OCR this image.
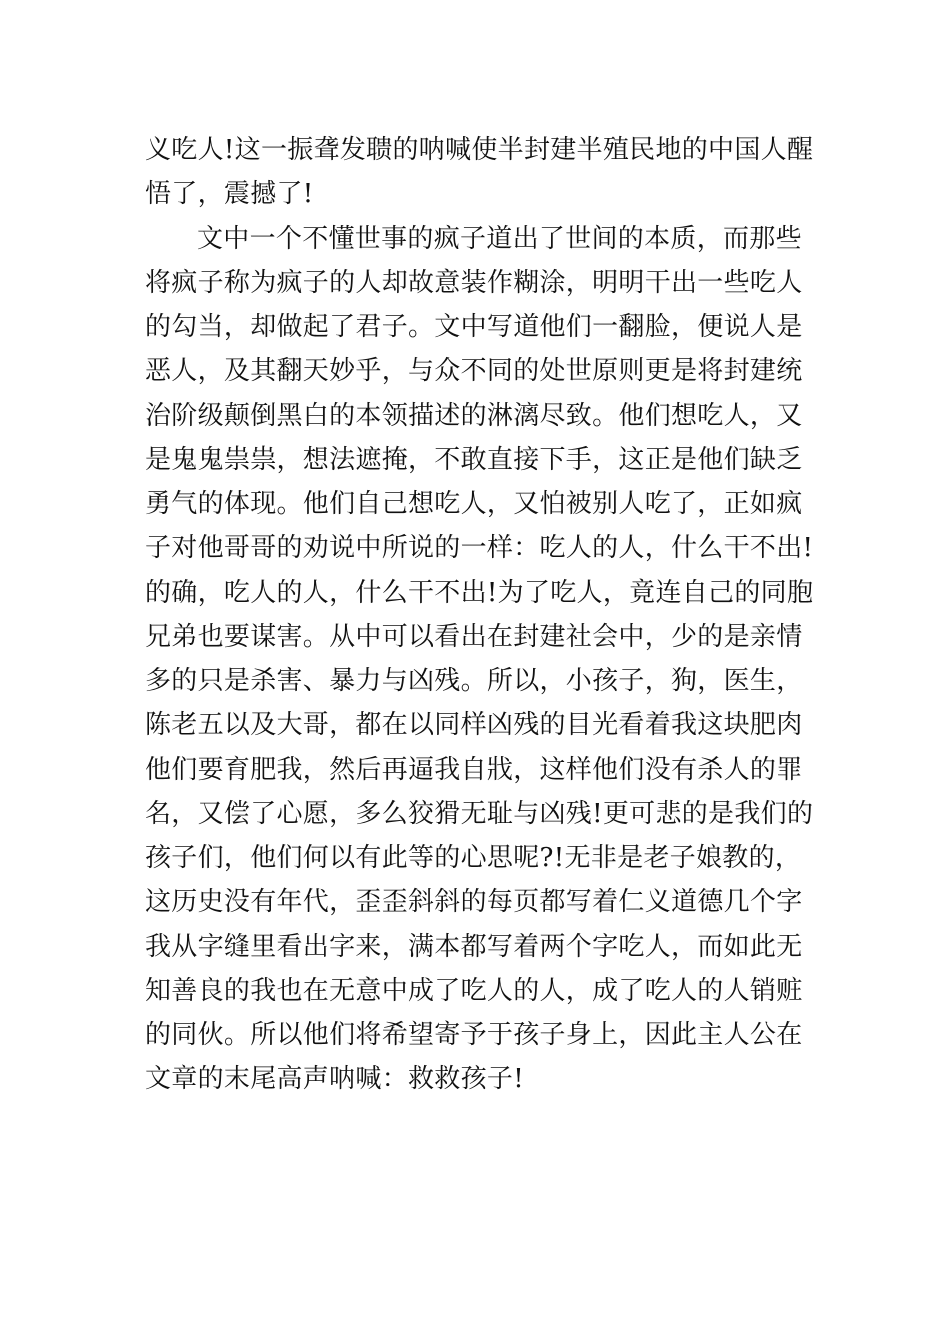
义吃人!这一振聋发聩的呐喊使半封建半殖民地的中国人醒
悟了，震撼了!
文中一个不懂世事的疯子道出了世间的本质，而那些
将疯子称为疯子的人却故意装作糊涂，明明干出一些吃人
的勾当，却做起了君子。文中写道他们一翻脸，便说人是
恶人，及其翻天妙乎，与众不同的处世原则更是将封建统
治阶级颠倒黑白的本领描述的淋漓尽致。他们想吃人，又
是鬼鬼祟祟，想法遮掩，不敢直接下手，这正是他们缺乏
勇气的体现。他们自己想吃人，又怕被别人吃了，正如疯
子对他哥哥的劝说中所说的一样：吃人的人，什么干不出!
的确，吃人的人，什么干不出!为了吃人，竟连自己的同胞
兄弟也要谋害。从中可以看出在封建社会中，少的是亲情
多的只是杀害、暴力与凶残。所以，小孩子，狗，医生，
陈老五以及大哥，都在以同样凶残的目光看着我这块肥肉
他们要育肥我，然后再逼我自戕，这样他们没有杀人的罪
名，又偿了心愿，多么狡猾无耻与凶残!更可悲的是我们的
孩子们，他们何以有此等的心思呢?!无非是老子娘教的，
这历史没有年代，歪歪斜斜的每页都写着仁义道德几个字
我从字缝里看出字来，满本都写着两个字吃人，而如此无
知善良的我也在无意中成了吃人的人，成了吃人的人销赃
的同伙。所以他们将希望寄予于孩子身上，因此主人公在
文章的末尾高声呐喊：救救孩子!
